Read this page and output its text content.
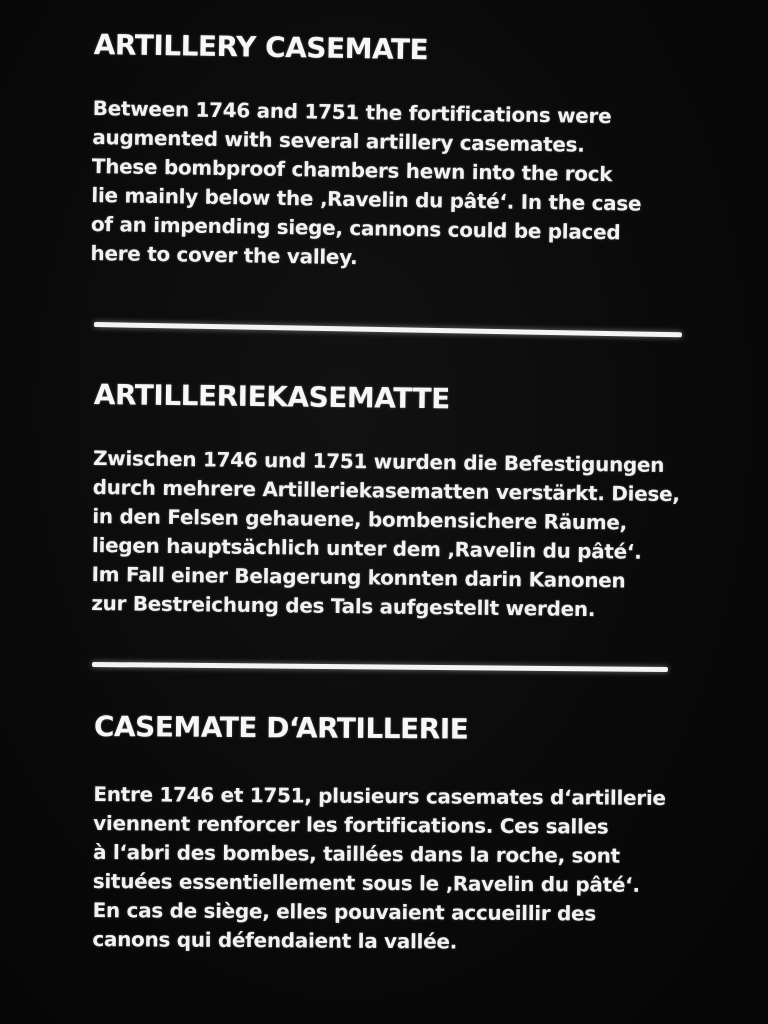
ARTILLERY CASEMATE

Between 1746 and 1751 the fortifications were
augmented with several artillery casemates.
These bombproof chambers hewn into the rock
lie mainly below the ‚Ravelin du pâté‘. In the case
of an impending siege, cannons could be placed
here to cover the valley.

ARTILLERIEKASEMATTE

Zwischen 1746 und 1751 wurden die Befestigungen
durch mehrere Artilleriekasematten verstärkt. Diese,
in den Felsen gehauene, bombensichere Räume,
liegen hauptsächlich unter dem ‚Ravelin du pâté‘.
Im Fall einer Belagerung konnten darin Kanonen
zur Bestreichung des Tals aufgestellt werden.

CASEMATE D‘ARTILLERIE

Entre 1746 et 1751, plusieurs casemates d‘artillerie
viennent renforcer les fortifications. Ces salles
à l‘abri des bombes, taillées dans la roche, sont
situées essentiellement sous le ‚Ravelin du pâté‘.
En cas de siège, elles pouvaient accueillir des
canons qui défendaient la vallée.
